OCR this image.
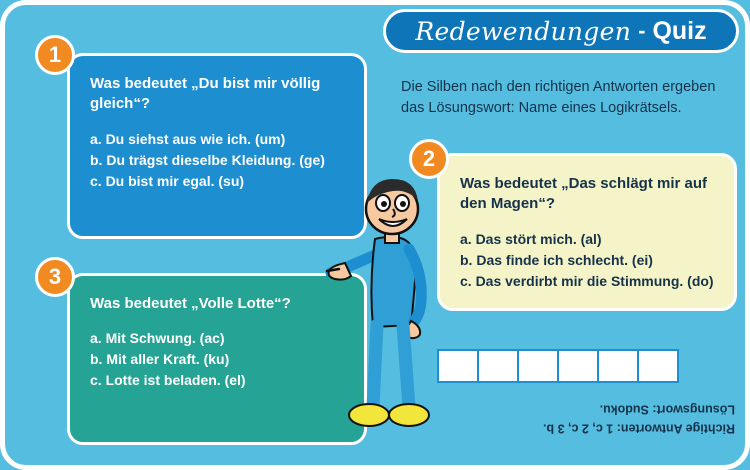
Redewendungen - Quiz
Die Silben nach den richtigen Antworten ergeben
das Lösungswort: Name eines Logikrätsels.
Was bedeutet „Du bist mir völlig gleich“?
a. Du siehst aus wie ich. (um)
b. Du trägst dieselbe Kleidung. (ge)
c. Du bist mir egal. (su)
1
Was bedeutet „Das schlägt mir auf den Magen“?
a. Das stört mich. (al)
b. Das finde ich schlecht. (ei)
c. Das verdirbt mir die Stimmung. (do)
2
Was bedeutet „Volle Lotte“?
a. Mit Schwung. (ac)
b. Mit aller Kraft. (ku)
c. Lotte ist beladen. (el)
3
Richtige Antworten: 1 c, 2 c, 3 b.
Lösungswort: Sudoku.
